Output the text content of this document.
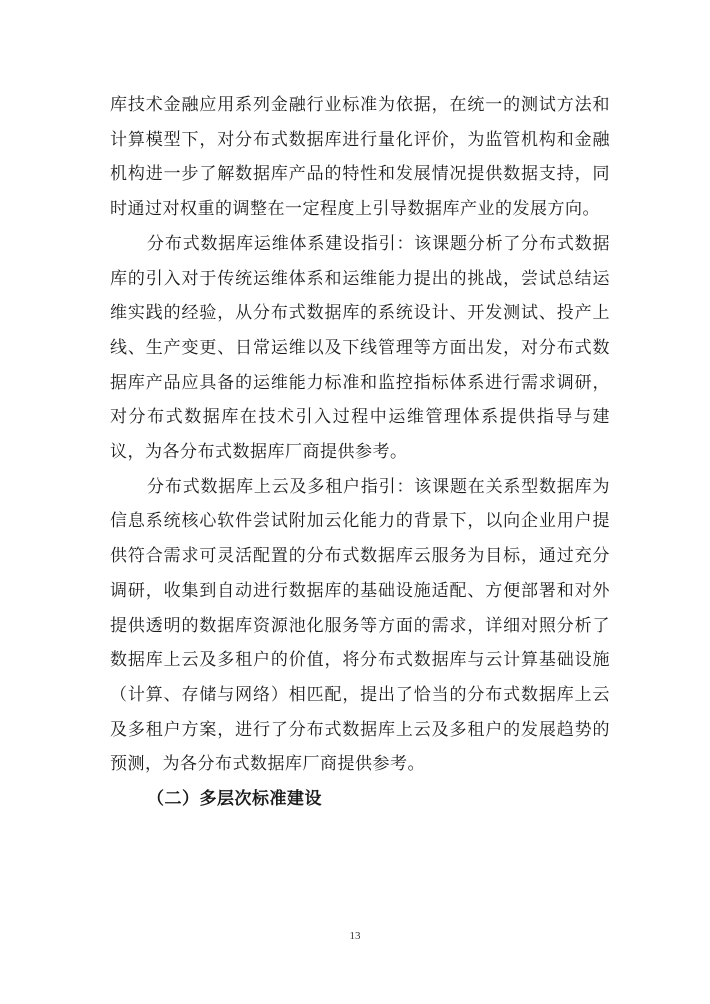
库技术金融应用系列金融行业标准为依据，在统一的测试方法和计算模型下，对分布式数据库进行量化评价，为监管机构和金融机构进一步了解数据库产品的特性和发展情况提供数据支持，同时通过对权重的调整在一定程度上引导数据库产业的发展方向。

分布式数据库运维体系建设指引：该课题分析了分布式数据库的引入对于传统运维体系和运维能力提出的挑战，尝试总结运维实践的经验，从分布式数据库的系统设计、开发测试、投产上线、生产变更、日常运维以及下线管理等方面出发，对分布式数据库产品应具备的运维能力标准和监控指标体系进行需求调研，对分布式数据库在技术引入过程中运维管理体系提供指导与建议，为各分布式数据库厂商提供参考。

分布式数据库上云及多租户指引：该课题在关系型数据库为信息系统核心软件尝试附加云化能力的背景下，以向企业用户提供符合需求可灵活配置的分布式数据库云服务为目标，通过充分调研，收集到自动进行数据库的基础设施适配、方便部署和对外提供透明的数据库资源池化服务等方面的需求，详细对照分析了数据库上云及多租户的价值，将分布式数据库与云计算基础设施（计算、存储与网络）相匹配，提出了恰当的分布式数据库上云及多租户方案，进行了分布式数据库上云及多租户的发展趋势的预测，为各分布式数据库厂商提供参考。

（二）多层次标准建设

13
